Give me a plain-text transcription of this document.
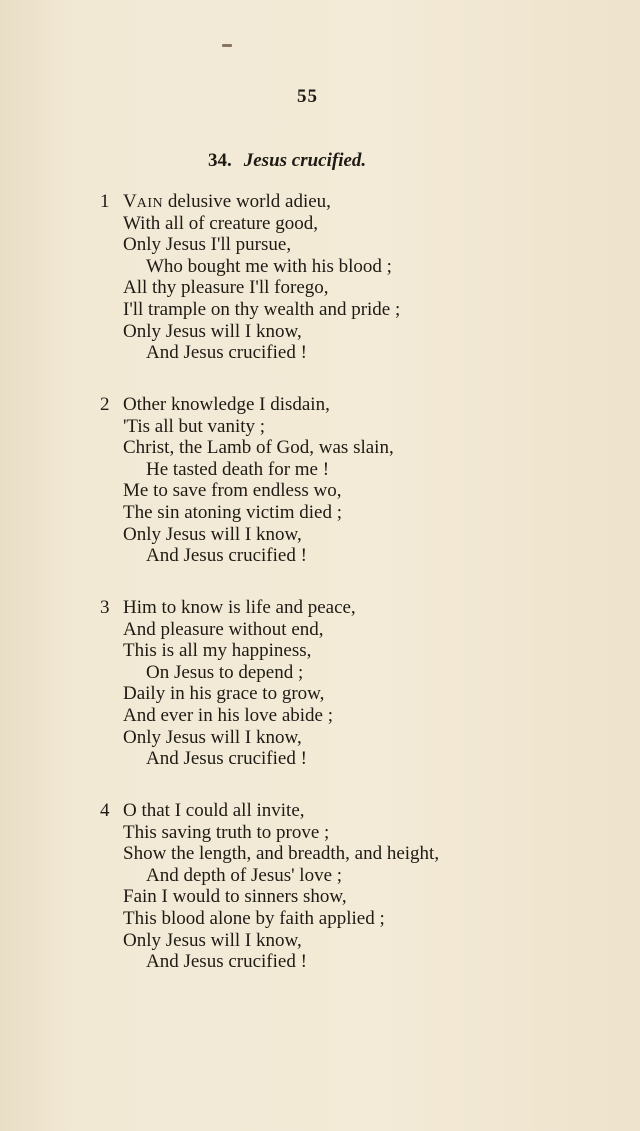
55
34. Jesus crucified.
1 VAIN delusive world adieu,
With all of creature good,
Only Jesus I'll pursue,
Who bought me with his blood ;
All thy pleasure I'll forego,
I'll trample on thy wealth and pride ;
Only Jesus will I know,
And Jesus crucified !
2 Other knowledge I disdain,
'Tis all but vanity ;
Christ, the Lamb of God, was slain,
He tasted death for me !
Me to save from endless wo,
The sin atoning victim died ;
Only Jesus will I know,
And Jesus crucified !
3 Him to know is life and peace,
And pleasure without end,
This is all my happiness,
On Jesus to depend ;
Daily in his grace to grow,
And ever in his love abide ;
Only Jesus will I know,
And Jesus crucified !
4 O that I could all invite,
This saving truth to prove ;
Show the length, and breadth, and height,
And depth of Jesus' love ;
Fain I would to sinners show,
This blood alone by faith applied ;
Only Jesus will I know,
And Jesus crucified !
